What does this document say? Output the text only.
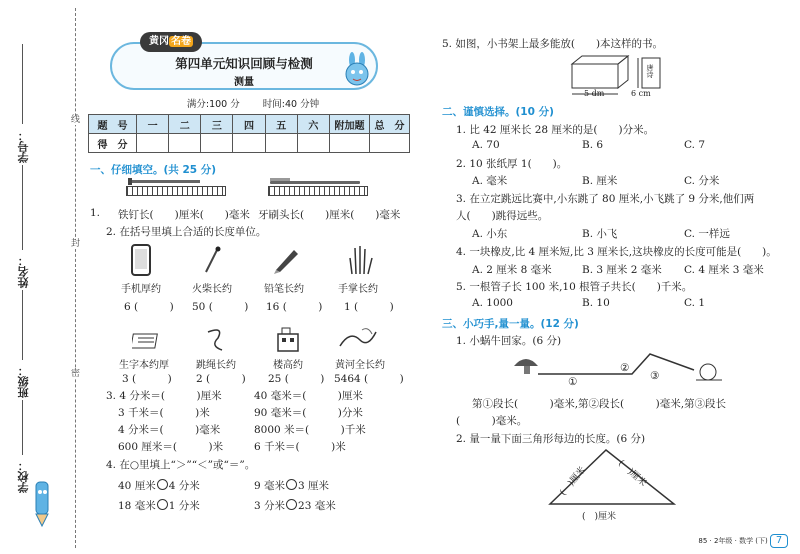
线
封
密
学号：
姓名：
班级：
学校：
黄冈 名卷
第四单元知识回顾与检测
测量
满分:100 分 时间:40 分钟
题　号	一	二	三	四	五	六	附加题	总　分
得　分								
一、仔细填空。(共 25 分)
1. 铁钉长(　　)厘米(　　)毫米 牙刷头长(　　)厘米(　　)毫米
2. 在括号里填上合适的长度单位。
手机厚约	火柴长约	铅笔长约	手掌长约
6 (　　　) 50 (　　　) 16 (　　　) 1 (　　　)
生字本约厚	跳绳长约	楼高约	黄河全长约
3 (　　　) 2 (　　　) 25 (　　　) 5464 (　　　)
3. 4 分米＝(　　　)厘米	40 毫米＝(　　　)厘米
3 千米＝(　　　)米	90 毫米＝(　　　)分米
4 分米＝(　　　)毫米	8000 米＝(　　　)千米
600 厘米＝(　　　)米	6 千米＝(　　　)米
4. 在○里填上“＞”“＜”或“＝”。
40 厘米 4 分米	9 毫米 3 厘米
18 毫米 1 分米	3 分米 23 毫米
5. 如图，小书架上最多能放(　　)本这样的书。
5 dm	6 cm
唐诗
二、谨慎选择。(10 分)
1. 比 42 厘米长 28 厘米的是(　　)分米。
A. 70	B. 6	C. 7
2. 10 张纸厚 1(　　)。
A. 毫米	B. 厘米	C. 分米
3. 在立定跳远比赛中,小东跳了 80 厘米,小飞跳了 9 分米,他们两
人(　　)跳得远些。
A. 小东	B. 小飞	C. 一样远
4. 一块橡皮,比 4 厘米短,比 3 厘米长,这块橡皮的长度可能是(　　)。
A. 2 厘米 8 毫米	B. 3 厘米 2 毫米 C. 4 厘米 3 毫米
5. 一根管子长 100 米,10 根管子共长(　　)千米。
A. 1000	B. 10	C. 1
三、小巧手,量一量。(12 分)
1. 小蜗牛回家。(6 分)
①
②
③
第①段长(　　　)毫米,第②段长(　　　)毫米,第③段长
(　　　)毫米。
2. 量一量下面三角形每边的长度。(6 分)
(　)厘米	(　)厘米
(　)厘米
85 · 2年级 · 数学 (下) 7
